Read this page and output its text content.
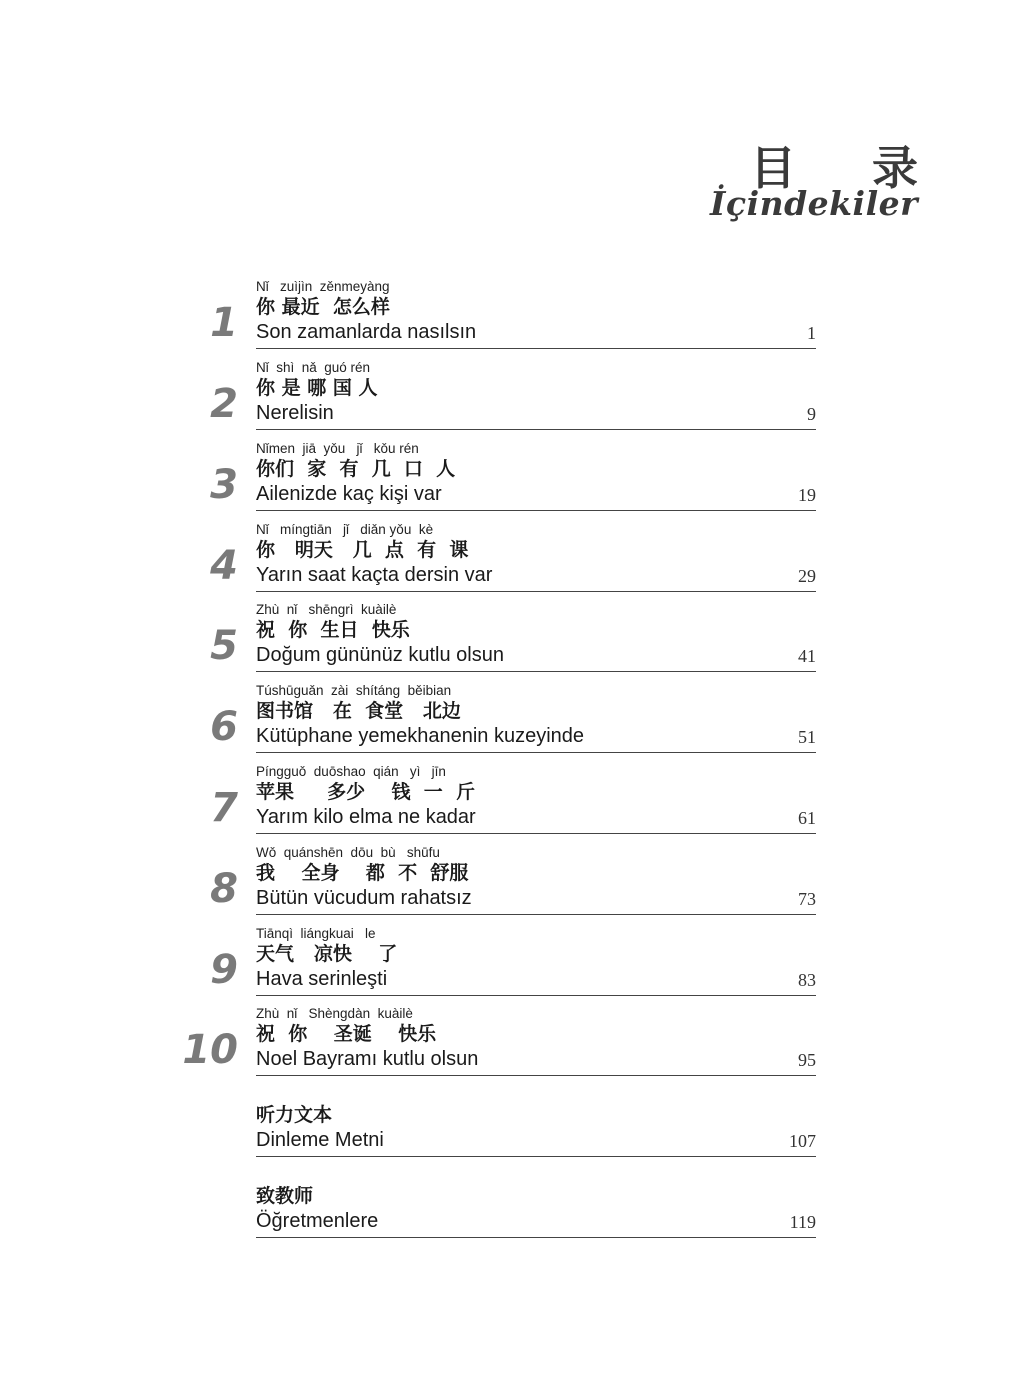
目 录
İçindekiler
1
Nǐ   zuìjìn  zěnmeyàng
你 最近  怎么样
Son zamanlarda nasılsın	1
2
Nǐ  shì  nǎ  guó rén
你 是 哪 国 人
Nerelisin	9
3
Nǐmen  jiā  yǒu   jǐ   kǒu rén
你们  家  有  几  口  人
Ailenizde kaç kişi var	19
4
Nǐ   míngtiān   jǐ   diǎn yǒu  kè
你   明天   几  点  有  课
Yarın saat kaçta dersin var	29
5
Zhù  nǐ   shēngrì  kuàilè
祝  你  生日  快乐
Doğum gününüz kutlu olsun	41
6
Túshūguǎn  zài  shítáng  běibian
图书馆   在  食堂   北边
Kütüphane yemekhanenin kuzeyinde	51
7
Píngguǒ  duōshao  qián   yì   jīn
苹果     多少    钱  一  斤
Yarım kilo elma ne kadar	61
8
Wǒ  quánshēn  dōu  bù   shūfu
我    全身    都  不  舒服
Bütün vücudum rahatsız	73
9
Tiānqì  liángkuai   le
天气   凉快    了
Hava serinleşti	83
10
Zhù  nǐ   Shèngdàn  kuàilè
祝  你    圣诞    快乐
Noel Bayramı kutlu olsun	95
听力文本
Dinleme Metni	107
致教师
Öğretmenlere	119
